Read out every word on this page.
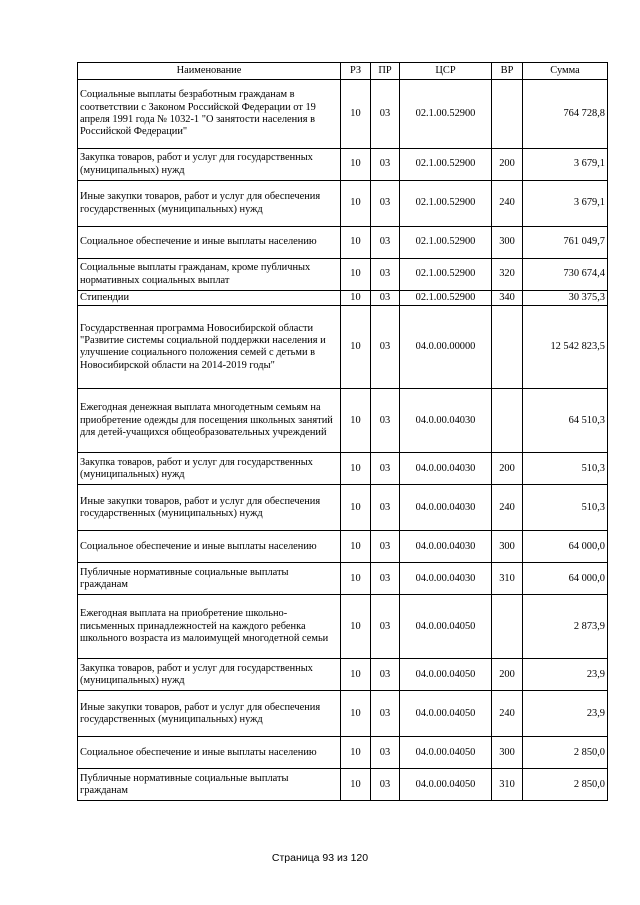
Наименование	РЗ	ПР	ЦСР	ВР	Сумма
Социальные выплаты безработным гражданам в соответствии с Законом Российской Федерации от 19 апреля 1991 года № 1032-1 "О занятости населения в Российской Федерации"	10	03	02.1.00.52900		764 728,8
Закупка товаров, работ и услуг для государственных (муниципальных) нужд	10	03	02.1.00.52900	200	3 679,1
Иные закупки товаров, работ и услуг для обеспечения государственных (муниципальных) нужд	10	03	02.1.00.52900	240	3 679,1
Социальное обеспечение и иные выплаты населению	10	03	02.1.00.52900	300	761 049,7
Социальные выплаты гражданам, кроме публичных нормативных социальных выплат	10	03	02.1.00.52900	320	730 674,4
Стипендии	10	03	02.1.00.52900	340	30 375,3
Государственная программа Новосибирской области "Развитие системы социальной поддержки населения и улучшение социального положения семей с детьми в Новосибирской области на 2014-2019 годы"	10	03	04.0.00.00000		12 542 823,5
Ежегодная денежная выплата многодетным семьям на приобретение одежды для посещения школьных занятий для детей-учащихся общеобразовательных учреждений	10	03	04.0.00.04030		64 510,3
Закупка товаров, работ и услуг для государственных (муниципальных) нужд	10	03	04.0.00.04030	200	510,3
Иные закупки товаров, работ и услуг для обеспечения государственных (муниципальных) нужд	10	03	04.0.00.04030	240	510,3
Социальное обеспечение и иные выплаты населению	10	03	04.0.00.04030	300	64 000,0
Публичные нормативные социальные выплаты гражданам	10	03	04.0.00.04030	310	64 000,0
Ежегодная выплата на приобретение школьно-письменных принадлежностей на каждого ребенка школьного возраста из малоимущей многодетной семьи	10	03	04.0.00.04050		2 873,9
Закупка товаров, работ и услуг для государственных (муниципальных) нужд	10	03	04.0.00.04050	200	23,9
Иные закупки товаров, работ и услуг для обеспечения государственных (муниципальных) нужд	10	03	04.0.00.04050	240	23,9
Социальное обеспечение и иные выплаты населению	10	03	04.0.00.04050	300	2 850,0
Публичные нормативные социальные выплаты гражданам	10	03	04.0.00.04050	310	2 850,0
Страница 93 из 120
